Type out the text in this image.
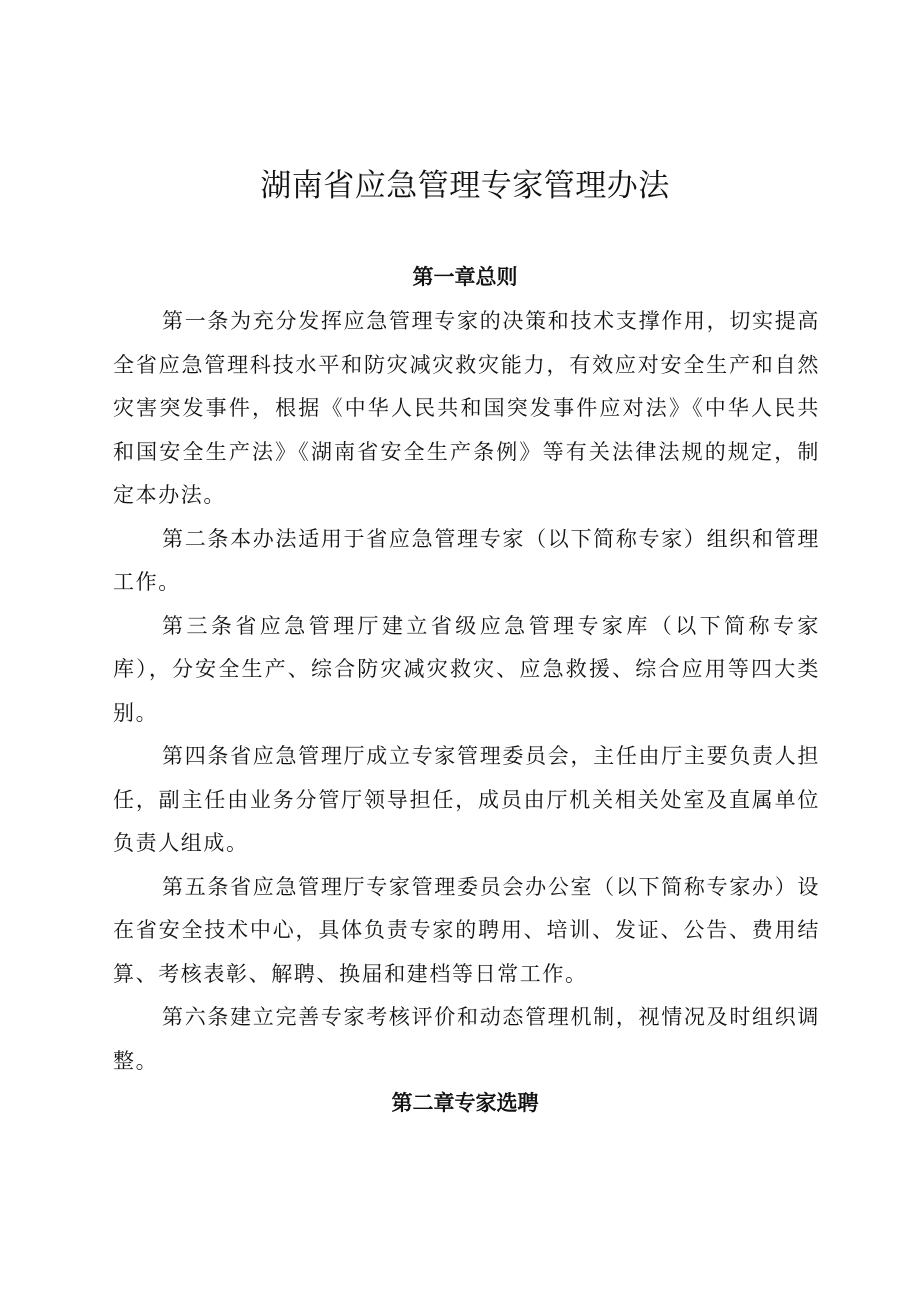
湖南省应急管理专家管理办法
第一章总则

第一条为充分发挥应急管理专家的决策和技术支撑作用，切实提高全省应急管理科技水平和防灾减灾救灾能力，有效应对安全生产和自然灾害突发事件，根据《中华人民共和国突发事件应对法》《中华人民共和国安全生产法》《湖南省安全生产条例》等有关法律法规的规定，制定本办法。

第二条本办法适用于省应急管理专家（以下简称专家）组织和管理工作。

第三条省应急管理厅建立省级应急管理专家库（以下简称专家库），分安全生产、综合防灾减灾救灾、应急救援、综合应用等四大类别。

第四条省应急管理厅成立专家管理委员会，主任由厅主要负责人担任，副主任由业务分管厅领导担任，成员由厅机关相关处室及直属单位负责人组成。

第五条省应急管理厅专家管理委员会办公室（以下简称专家办）设在省安全技术中心，具体负责专家的聘用、培训、发证、公告、费用结算、考核表彰、解聘、换届和建档等日常工作。

第六条建立完善专家考核评价和动态管理机制，视情况及时组织调整。

第二章专家选聘
